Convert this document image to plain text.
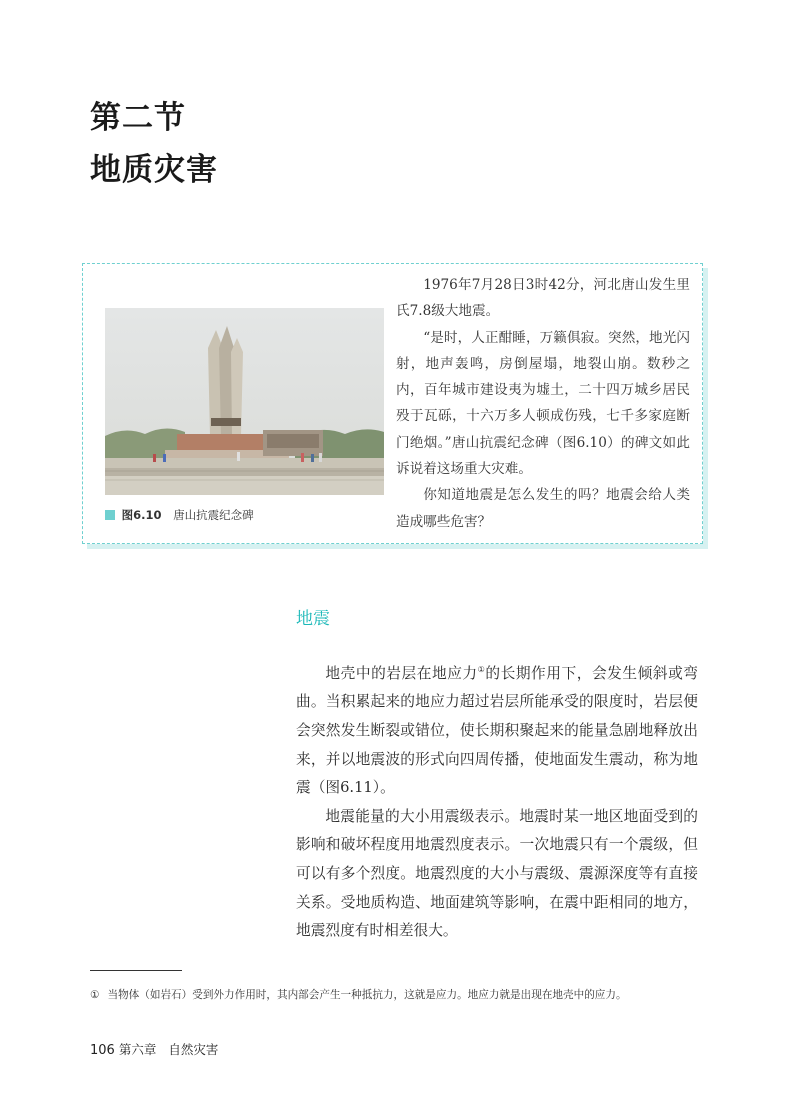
第二节
地质灾害
图6.10 唐山抗震纪念碑

1976年7月28日3时42分，河北唐山发生里氏7.8级大地震。

“是时，人正酣睡，万籁俱寂。突然，地光闪射，地声轰鸣，房倒屋塌，地裂山崩。数秒之内，百年城市建设夷为墟土，二十四万城乡居民殁于瓦砾，十六万多人顿成伤残，七千多家庭断门绝烟。”唐山抗震纪念碑（图6.10）的碑文如此诉说着这场重大灾难。

你知道地震是怎么发生的吗？地震会给人类造成哪些危害？

地震

地壳中的岩层在地应力①的长期作用下，会发生倾斜或弯曲。当积累起来的地应力超过岩层所能承受的限度时，岩层便会突然发生断裂或错位，使长期积聚起来的能量急剧地释放出来，并以地震波的形式向四周传播，使地面发生震动，称为地震（图6.11）。

地震能量的大小用震级表示。地震时某一地区地面受到的影响和破坏程度用地震烈度表示。一次地震只有一个震级，但可以有多个烈度。地震烈度的大小与震级、震源深度等有直接关系。受地质构造、地面建筑等影响，在震中距相同的地方，地震烈度有时相差很大。

① 当物体（如岩石）受到外力作用时，其内部会产生一种抵抗力，这就是应力。地应力就是出现在地壳中的应力。
106 第六章 自然灾害
